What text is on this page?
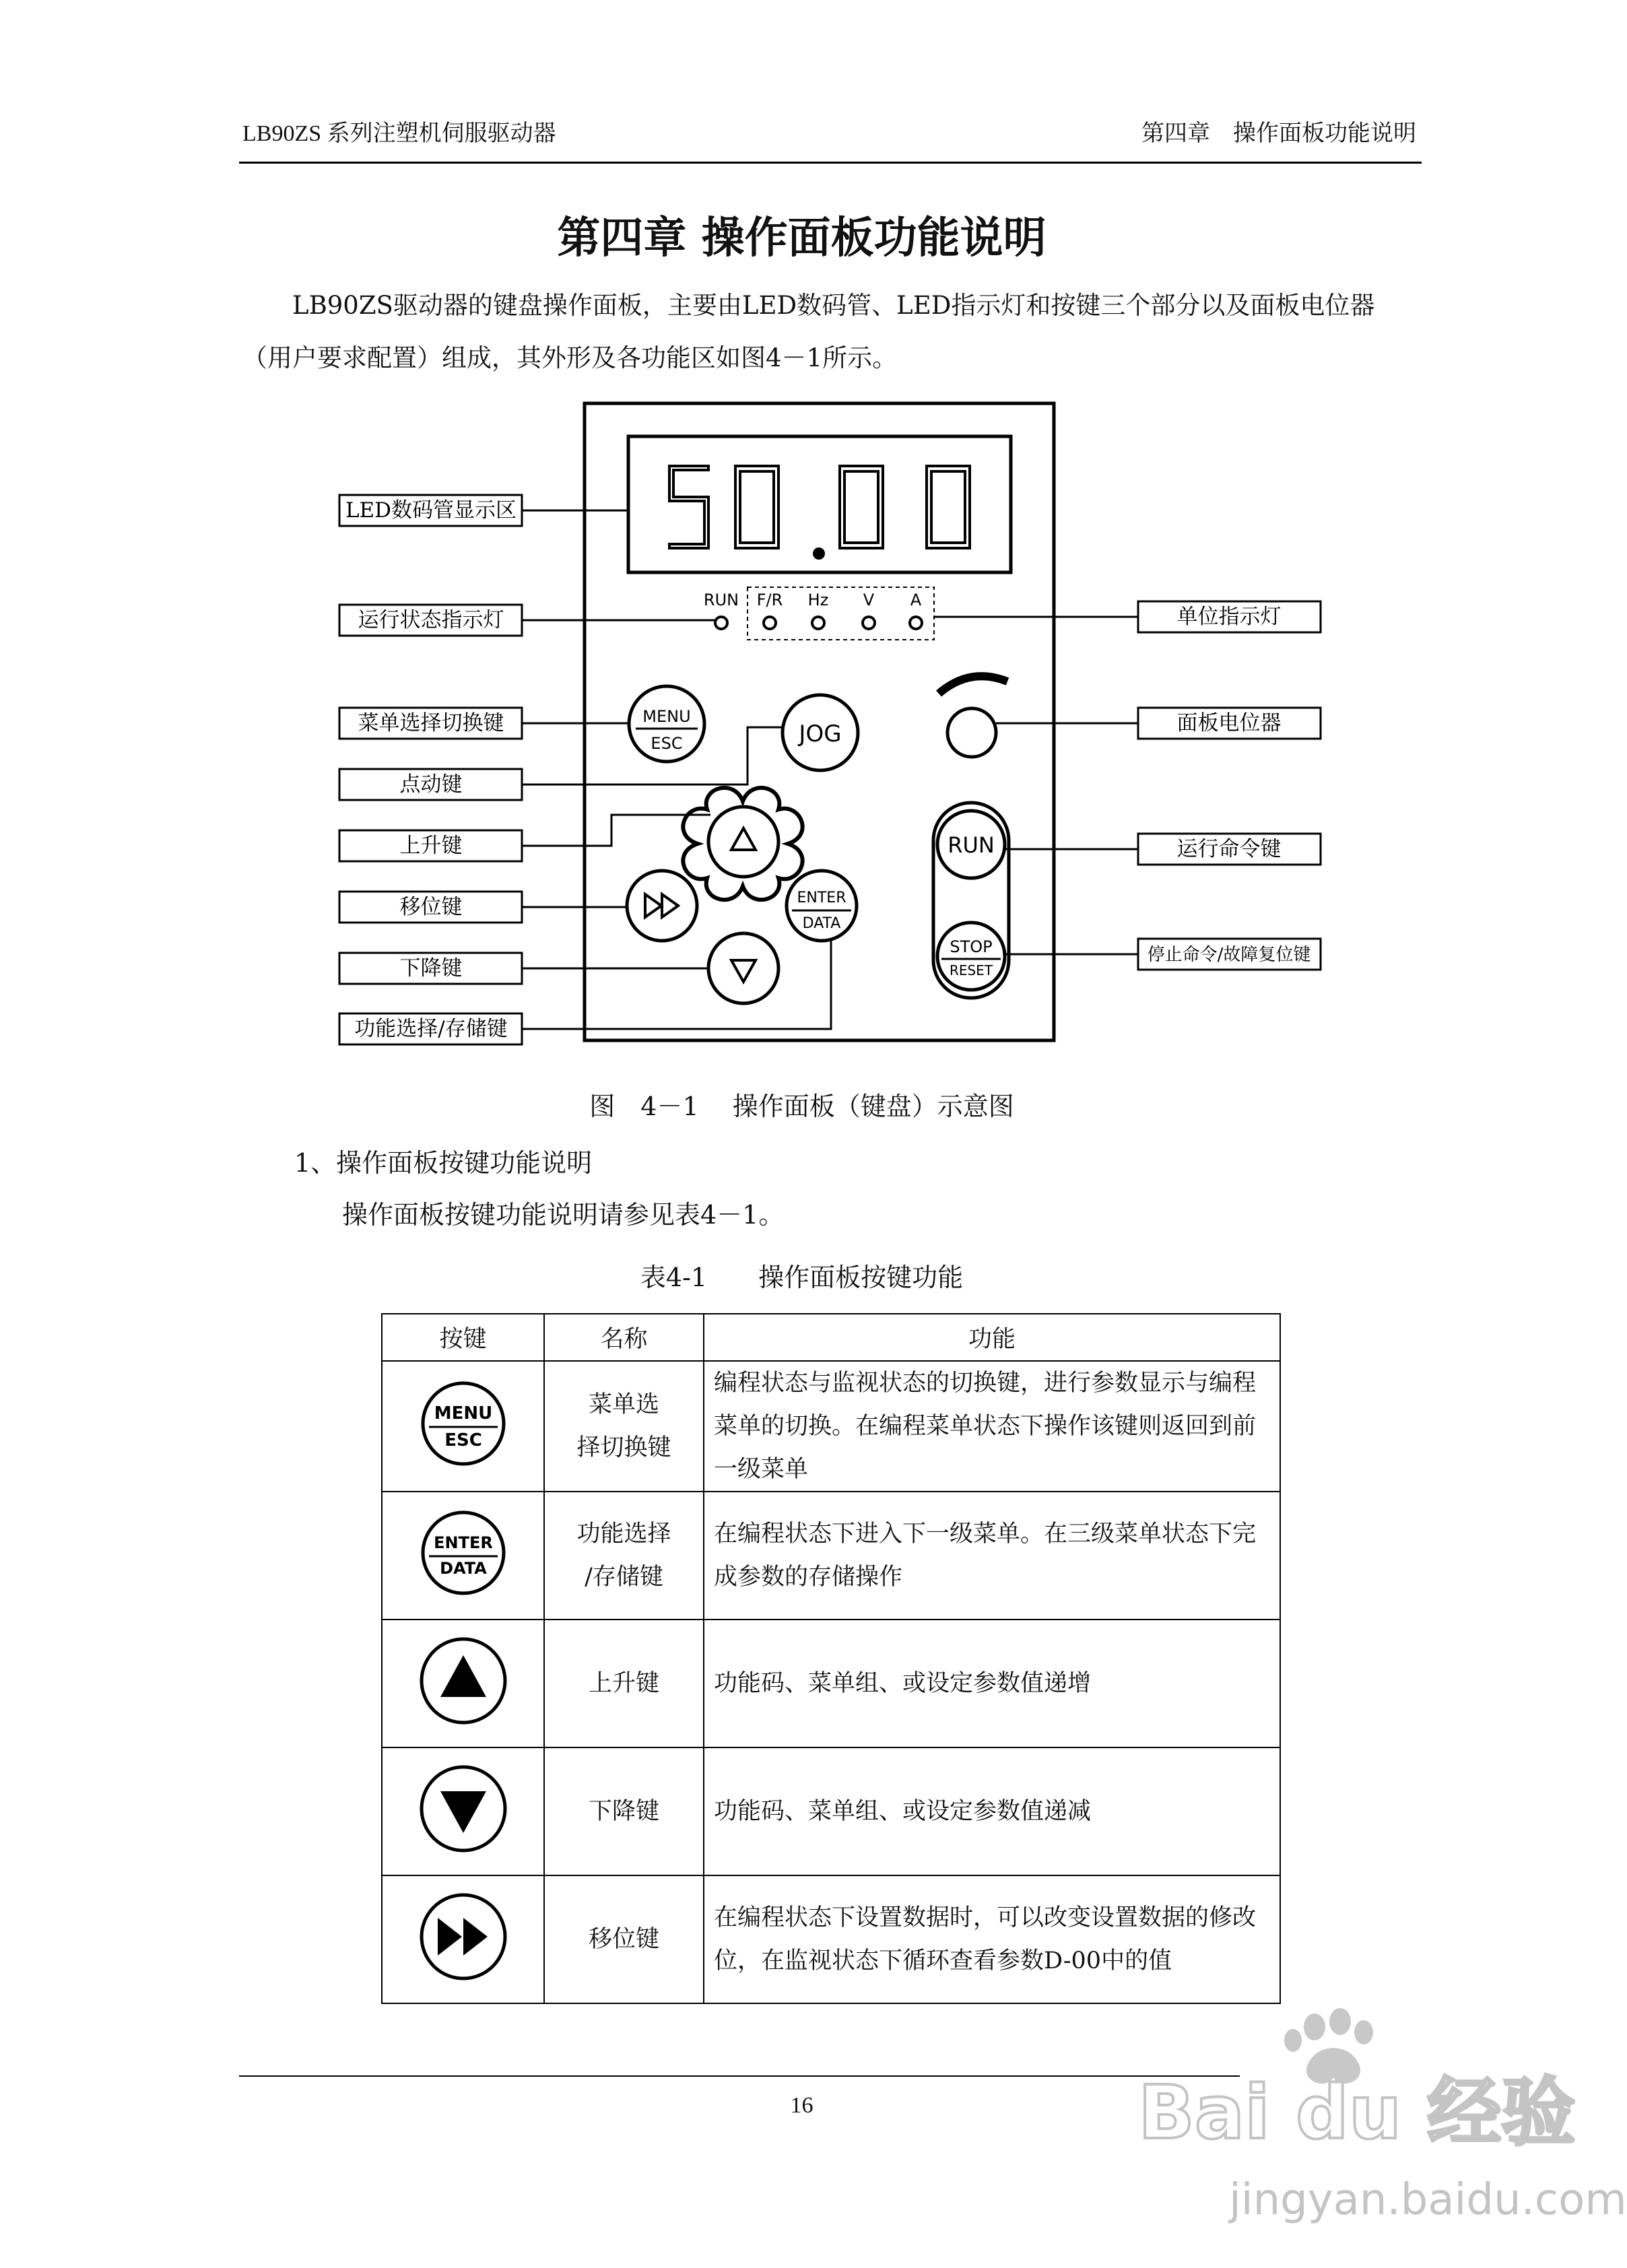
LB90ZS 系列注塑机伺服驱动器	第四章　操作面板功能说明
第四章 操作面板功能说明

LB90ZS驱动器的键盘操作面板，主要由LED数码管、LED指示灯和按键三个部分以及面板电位器（用户要求配置）组成，其外形及各功能区如图4－1所示。

50.00
RUN F/R Hz V A
MENU
ESC	JOG
ENTER
DATA
RUN
STOP
RESET
LED数码管显示区
运行状态指示灯
菜单选择切换键
点动键
上升键
移位键
下降键
功能选择/存储键
单位指示灯
面板电位器
运行命令键
停止命令/故障复位键
图　4－1　 操作面板（键盘）示意图
1、操作面板按键功能说明
操作面板按键功能说明请参见表4－1。
表4-1　　操作面板按键功能
按键	名称	功能

MENU
ESC	菜单选
择切换键	编程状态与监视状态的切换键，进行参数显示与编程菜单的切换。在编程菜单状态下操作该键则返回到前一级菜单

ENTER
DATA	功能选择
/存储键	在编程状态下进入下一级菜单。在三级菜单状态下完成参数的存储操作
	上升键	功能码、菜单组、或设定参数值递增
	下降键	功能码、菜单组、或设定参数值递减
	移位键	在编程状态下设置数据时，可以改变设置数据的修改位，在监视状态下循环查看参数D-00中的值
16	Bai du 经验
jingyan.baidu.com
